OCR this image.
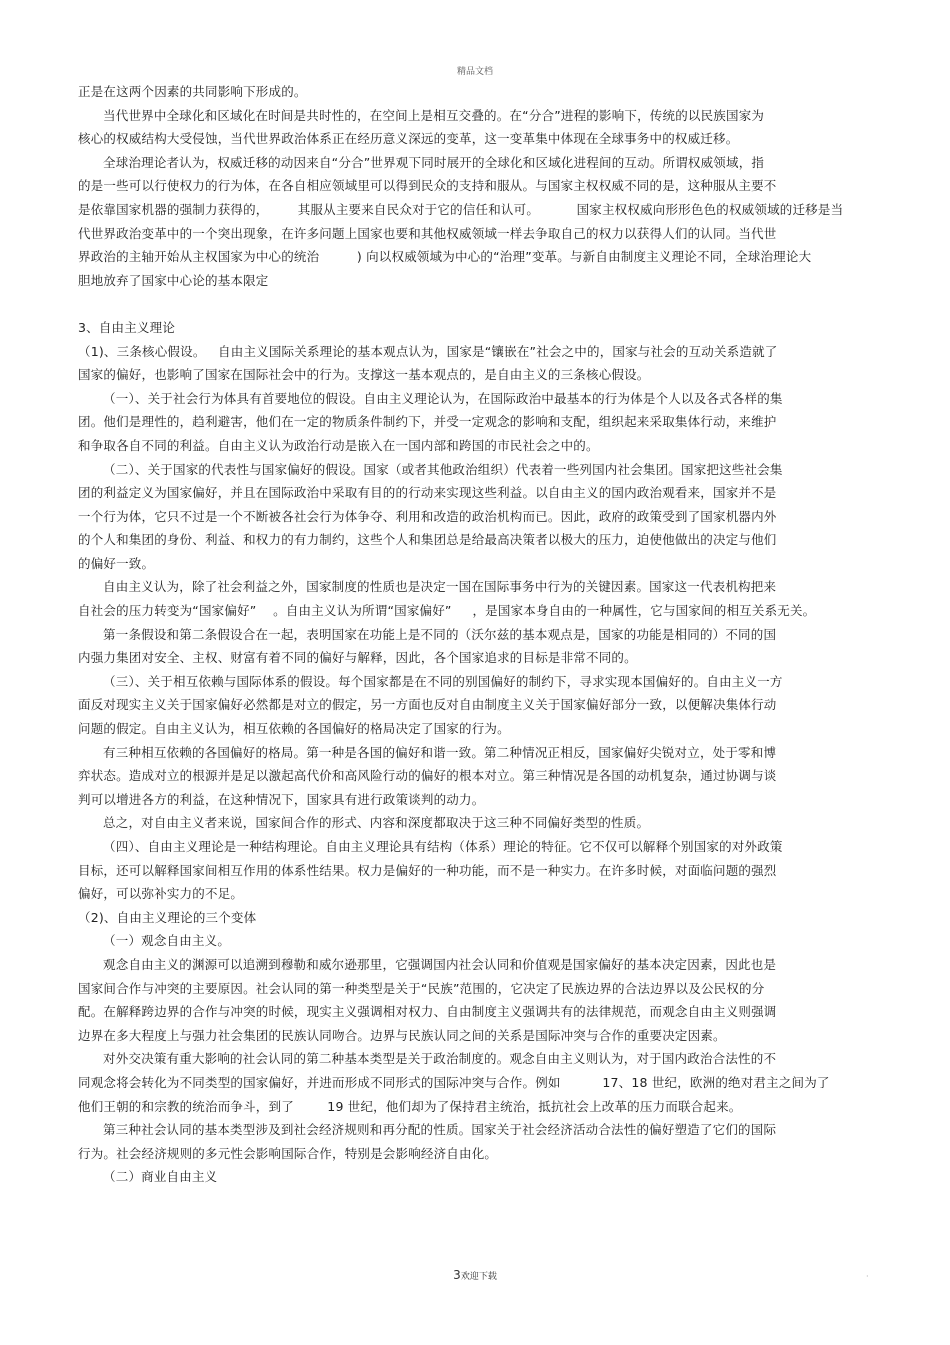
精品文档
正是在这两个因素的共同影响下形成的。
当代世界中全球化和区域化在时间是共时性的，在空间上是相互交叠的。在“分合”进程的影响下，传统的以民族国家为
核心的权威结构大受侵蚀，当代世界政治体系正在经历意义深远的变革，这一变革集中体现在全球事务中的权威迁移。
全球治理论者认为，权威迁移的动因来自“分合”世界观下同时展开的全球化和区域化进程间的互动。所谓权威领域，指
的是一些可以行使权力的行为体，在各自相应领域里可以得到民众的支持和服从。与国家主权权威不同的是，这种服从主要不
是依靠国家机器的强制力获得的，       其服从主要来自民众对于它的信任和认可。         国家主权权威向形形色色的权威领域的迁移是当
代世界政治变革中的一个突出现象，在许多问题上国家也要和其他权威领域一样去争取自己的权力以获得人们的认同。当代世
界政治的主轴开始从主权国家为中心的统治         ) 向以权威领域为中心的“治理”变革。与新自由制度主义理论不同，全球治理论大
胆地放弃了国家中心论的基本限定
3、自由主义理论
（1)、三条核心假设。   自由主义国际关系理论的基本观点认为，国家是“镶嵌在”社会之中的，国家与社会的互动关系造就了
国家的偏好，也影响了国家在国际社会中的行为。支撑这一基本观点的，是自由主义的三条核心假设。
（一）、关于社会行为体具有首要地位的假设。自由主义理论认为，在国际政治中最基本的行为体是个人以及各式各样的集
团。他们是理性的，趋利避害，他们在一定的物质条件制约下，并受一定观念的影响和支配，组织起来采取集体行动，来维护
和争取各自不同的利益。自由主义认为政治行动是嵌入在一国内部和跨国的市民社会之中的。
（二）、关于国家的代表性与国家偏好的假设。国家（或者其他政治组织）代表着一些列国内社会集团。国家把这些社会集
团的利益定义为国家偏好，并且在国际政治中采取有目的的行动来实现这些利益。以自由主义的国内政治观看来，国家并不是
一个行为体，它只不过是一个不断被各社会行为体争夺、利用和改造的政治机构而已。因此，政府的政策受到了国家机器内外
的个人和集团的身份、利益、和权力的有力制约，这些个人和集团总是给最高决策者以极大的压力，迫使他做出的决定与他们
的偏好一致。
自由主义认为，除了社会利益之外，国家制度的性质也是决定一国在国际事务中行为的关键因素。国家这一代表机构把来
自社会的压力转变为“国家偏好”    。自由主义认为所谓“国家偏好”     ，是国家本身自由的一种属性，它与国家间的相互关系无关。
第一条假设和第二条假设合在一起，表明国家在功能上是不同的（沃尔兹的基本观点是，国家的功能是相同的）不同的国
内强力集团对安全、主权、财富有着不同的偏好与解释，因此，各个国家追求的目标是非常不同的。
（三）、关于相互依赖与国际体系的假设。每个国家都是在不同的别国偏好的制约下，寻求实现本国偏好的。自由主义一方
面反对现实主义关于国家偏好必然都是对立的假定，另一方面也反对自由制度主义关于国家偏好部分一致，以便解决集体行动
问题的假定。自由主义认为，相互依赖的各国偏好的格局决定了国家的行为。
有三种相互依赖的各国偏好的格局。第一种是各国的偏好和谐一致。第二种情况正相反，国家偏好尖锐对立，处于零和博
弈状态。造成对立的根源并是足以激起高代价和高风险行动的偏好的根本对立。第三种情况是各国的动机复杂，通过协调与谈
判可以增进各方的利益，在这种情况下，国家具有进行政策谈判的动力。
总之，对自由主义者来说，国家间合作的形式、内容和深度都取决于这三种不同偏好类型的性质。
（四）、自由主义理论是一种结构理论。自由主义理论具有结构（体系）理论的特征。它不仅可以解释个别国家的对外政策
目标，还可以解释国家间相互作用的体系性结果。权力是偏好的一种功能，而不是一种实力。在许多时候，对面临问题的强烈
偏好，可以弥补实力的不足。
（2)、自由主义理论的三个变体
（一）观念自由主义。
观念自由主义的渊源可以追溯到穆勒和威尔逊那里，它强调国内社会认同和价值观是国家偏好的基本决定因素，因此也是
国家间合作与冲突的主要原因。社会认同的第一种类型是关于“民族”范围的，它决定了民族边界的合法边界以及公民权的分
配。在解释跨边界的合作与冲突的时候，现实主义强调相对权力、自由制度主义强调共有的法律规范，而观念自由主义则强调
边界在多大程度上与强力社会集团的民族认同吻合。边界与民族认同之间的关系是国际冲突与合作的重要决定因素。
对外交决策有重大影响的社会认同的第二种基本类型是关于政治制度的。观念自由主义则认为，对于国内政治合法性的不
同观念将会转化为不同类型的国家偏好，并进而形成不同形式的国际冲突与合作。例如          17、18 世纪，欧洲的绝对君主之间为了
他们王朝的和宗教的统治而争斗，到了        19 世纪，他们却为了保持君主统治，抵抗社会上改革的压力而联合起来。
第三种社会认同的基本类型涉及到社会经济规则和再分配的性质。国家关于社会经济活动合法性的偏好塑造了它们的国际
行为。社会经济规则的多元性会影响国际合作，特别是会影响经济自由化。
（二）商业自由主义
3欢迎下载	·
